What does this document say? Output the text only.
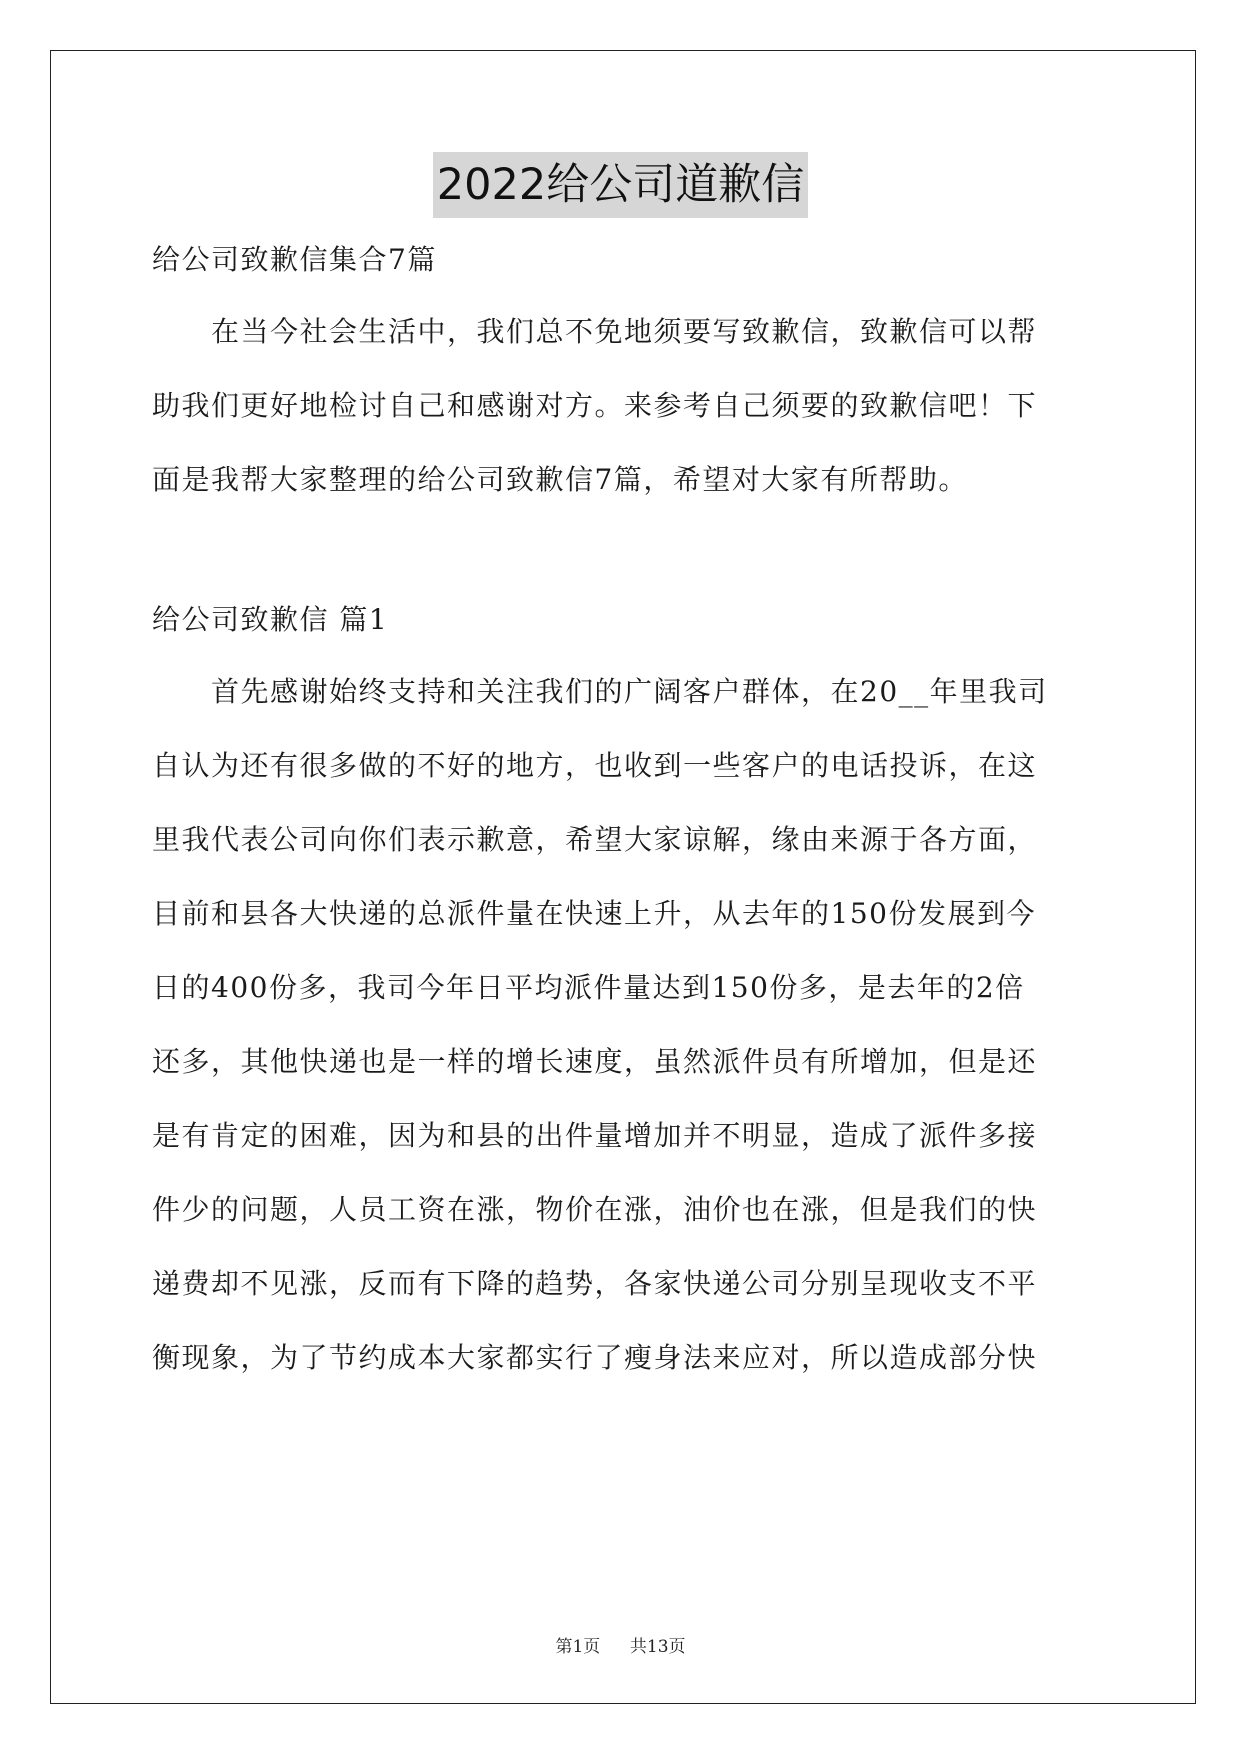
2022给公司道歉信
给公司致歉信集合7篇
在当今社会生活中，我们总不免地须要写致歉信，致歉信可以帮
助我们更好地检讨自己和感谢对方。来参考自己须要的致歉信吧！下
面是我帮大家整理的给公司致歉信7篇，希望对大家有所帮助。
给公司致歉信 篇1
首先感谢始终支持和关注我们的广阔客户群体，在20__年里我司
自认为还有很多做的不好的地方，也收到一些客户的电话投诉，在这
里我代表公司向你们表示歉意，希望大家谅解，缘由来源于各方面，
目前和县各大快递的总派件量在快速上升，从去年的150份发展到今
日的400份多，我司今年日平均派件量达到150份多，是去年的2倍
还多，其他快递也是一样的增长速度，虽然派件员有所增加，但是还
是有肯定的困难，因为和县的出件量增加并不明显，造成了派件多接
件少的问题，人员工资在涨，物价在涨，油价也在涨，但是我们的快
递费却不见涨，反而有下降的趋势，各家快递公司分别呈现收支不平
衡现象，为了节约成本大家都实行了瘦身法来应对，所以造成部分快
第1页 共13页
